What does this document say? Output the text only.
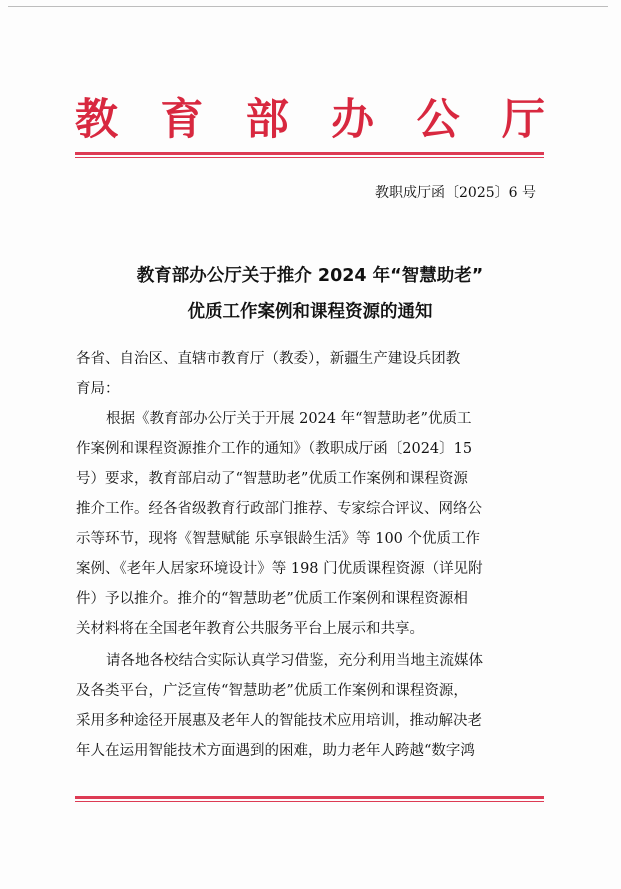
教 育 部 办 公 厅
教职成厅函〔2025〕6 号
教育部办公厅关于推介 2024 年“智慧助老”
优质工作案例和课程资源的通知
各省、自治区、直辖市教育厅（教委），新疆生产建设兵团教
育局：
根据《教育部办公厅关于开展 2024 年“智慧助老”优质工
作案例和课程资源推介工作的通知》（教职成厅函〔2024〕15
号）要求，教育部启动了“智慧助老”优质工作案例和课程资源
推介工作。经各省级教育行政部门推荐、专家综合评议、网络公
示等环节，现将《智慧赋能 乐享银龄生活》等 100 个优质工作
案例、《老年人居家环境设计》等 198 门优质课程资源（详见附
件）予以推介。推介的“智慧助老”优质工作案例和课程资源相
关材料将在全国老年教育公共服务平台上展示和共享。
请各地各校结合实际认真学习借鉴，充分利用当地主流媒体
及各类平台，广泛宣传“智慧助老”优质工作案例和课程资源，
采用多种途径开展惠及老年人的智能技术应用培训，推动解决老
年人在运用智能技术方面遇到的困难，助力老年人跨越“数字鸿
